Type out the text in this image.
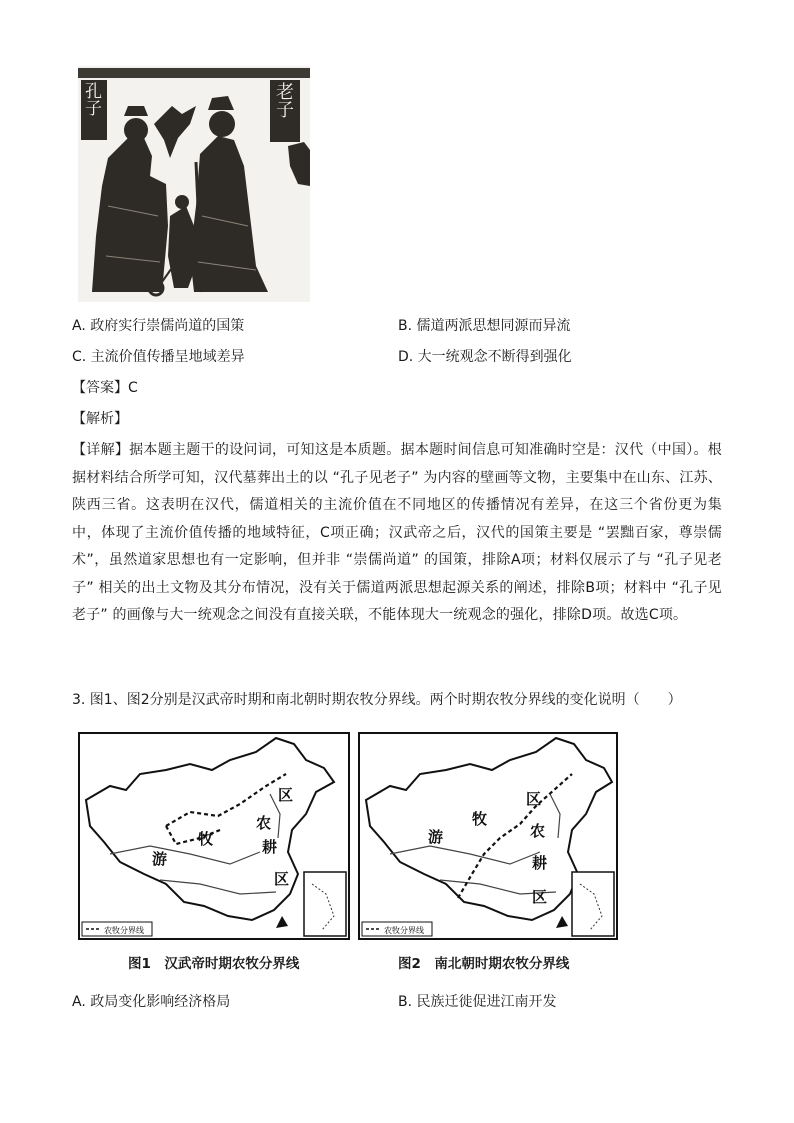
孔子	老子
A. 政府实行崇儒尚道的国策	B. 儒道两派思想同源而异流
C. 主流价值传播呈地域差异	D. 大一统观念不断得到强化
【答案】C
【解析】
【详解】据本题主题干的设问词，可知这是本质题。据本题时间信息可知准确时空是：汉代（中国）。根据材料结合所学可知，汉代墓葬出土的以 “孔子见老子” 为内容的壁画等文物，主要集中在山东、江苏、陕西三省。这表明在汉代，儒道相关的主流价值在不同地区的传播情况有差异，在这三个省份更为集中，体现了主流价值传播的地域特征，C项正确；汉武帝之后，汉代的国策主要是 “罢黜百家，尊崇儒术”，虽然道家思想也有一定影响，但并非 “崇儒尚道” 的国策，排除A项；材料仅展示了与 “孔子见老子” 相关的出土文物及其分布情况，没有关于儒道两派思想起源关系的阐述，排除B项；材料中 “孔子见老子” 的画像与大一统观念之间没有直接关联，不能体现大一统观念的强化，排除D项。故选C项。
3. 图1、图2分别是汉武帝时期和南北朝时期农牧分界线。两个时期农牧分界线的变化说明（　　）
农牧分界线
牧
区
农
游
耕
区
农牧分界线
区
牧
农
游
耕
区
图1　汉武帝时期农牧分界线	图2　南北朝时期农牧分界线
A. 政局变化影响经济格局	B. 民族迁徙促进江南开发
